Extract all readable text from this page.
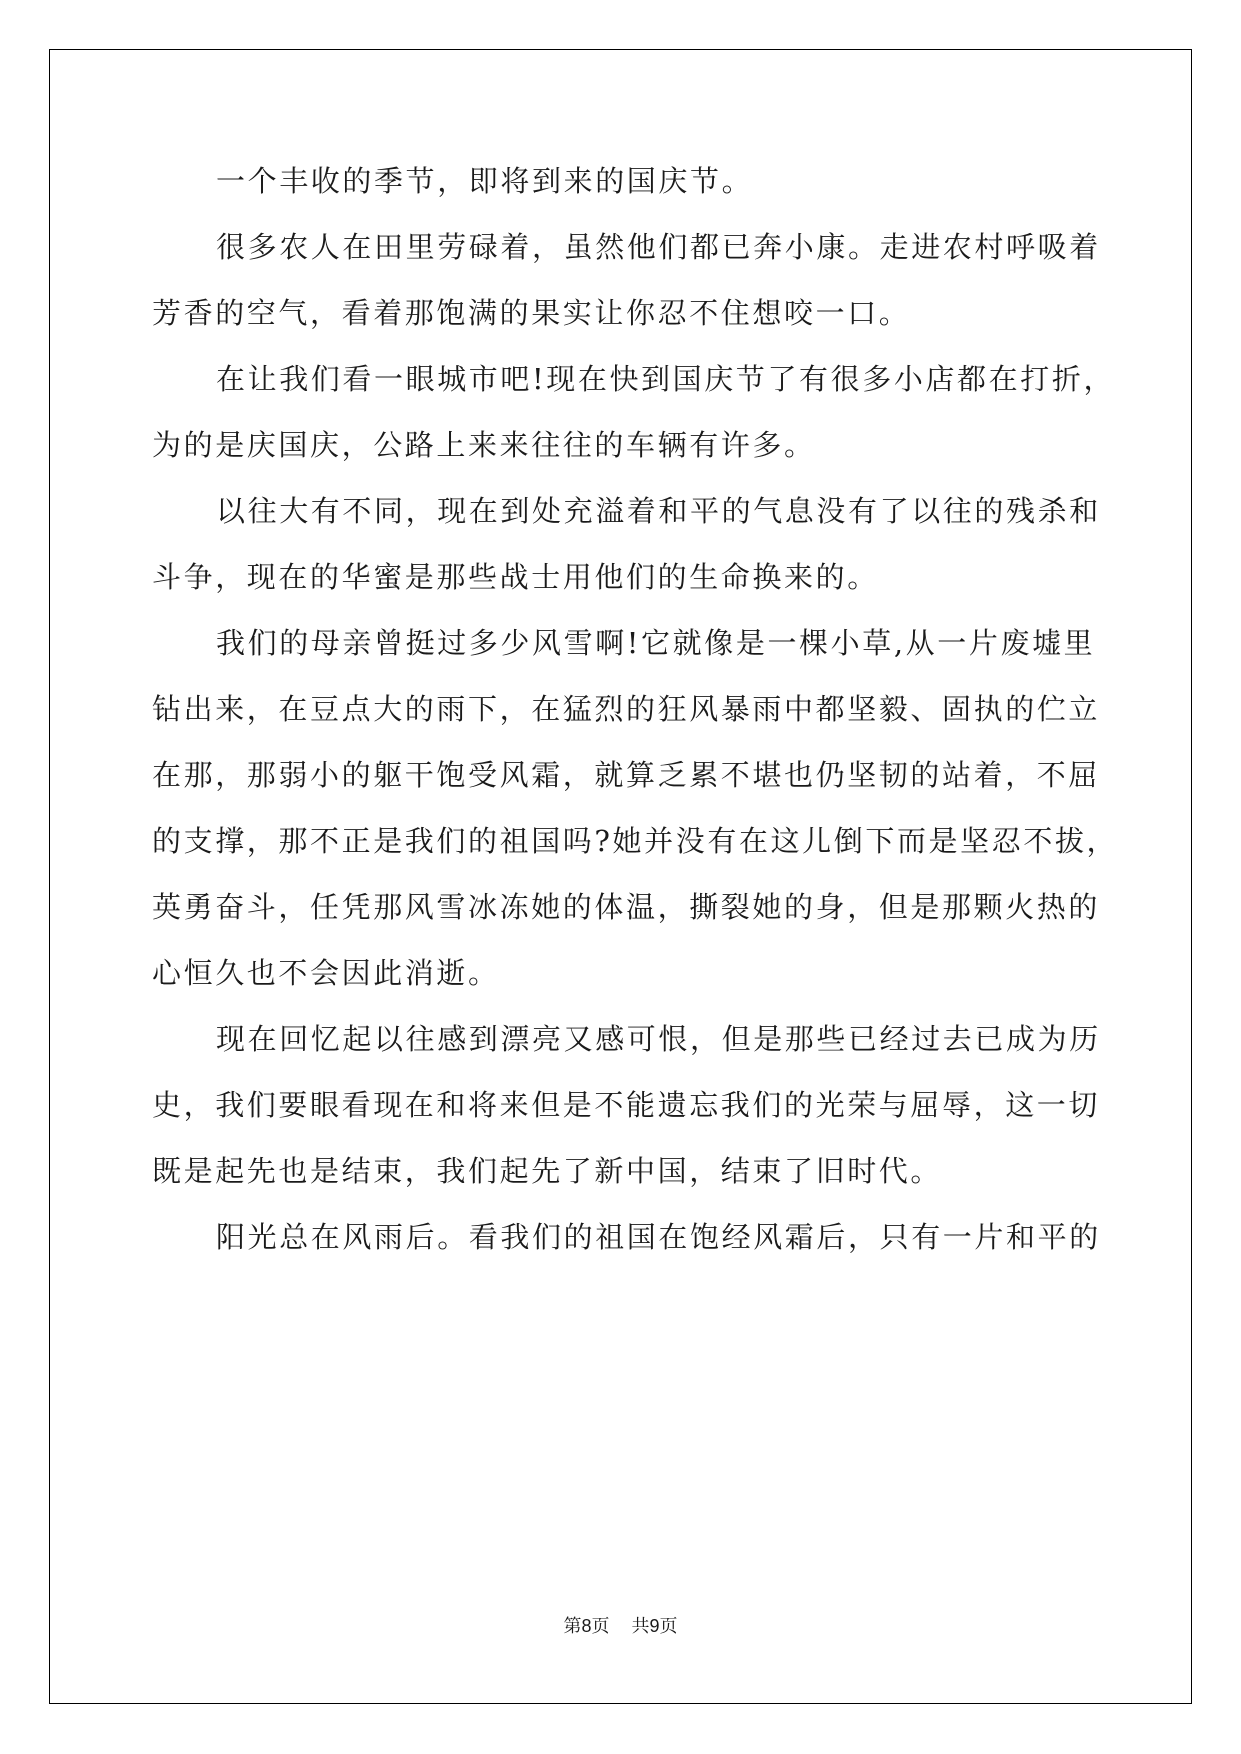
一个丰收的季节，即将到来的国庆节。
很多农人在田里劳碌着，虽然他们都已奔小康。走进农村呼吸着
芳香的空气，看着那饱满的果实让你忍不住想咬一口。
在让我们看一眼城市吧!现在快到国庆节了有很多小店都在打折，
为的是庆国庆，公路上来来往往的车辆有许多。
以往大有不同，现在到处充溢着和平的气息没有了以往的残杀和
斗争，现在的华蜜是那些战士用他们的生命换来的。
我们的母亲曾挺过多少风雪啊!它就像是一棵小草,从一片废墟里
钻出来，在豆点大的雨下，在猛烈的狂风暴雨中都坚毅、固执的伫立
在那，那弱小的躯干饱受风霜，就算乏累不堪也仍坚韧的站着，不屈
的支撑，那不正是我们的祖国吗?她并没有在这儿倒下而是坚忍不拔，
英勇奋斗，任凭那风雪冰冻她的体温，撕裂她的身，但是那颗火热的
心恒久也不会因此消逝。
现在回忆起以往感到漂亮又感可恨，但是那些已经过去已成为历
史，我们要眼看现在和将来但是不能遗忘我们的光荣与屈辱，这一切
既是起先也是结束，我们起先了新中国，结束了旧时代。
阳光总在风雨后。看我们的祖国在饱经风霜后，只有一片和平的
第8页 共9页
